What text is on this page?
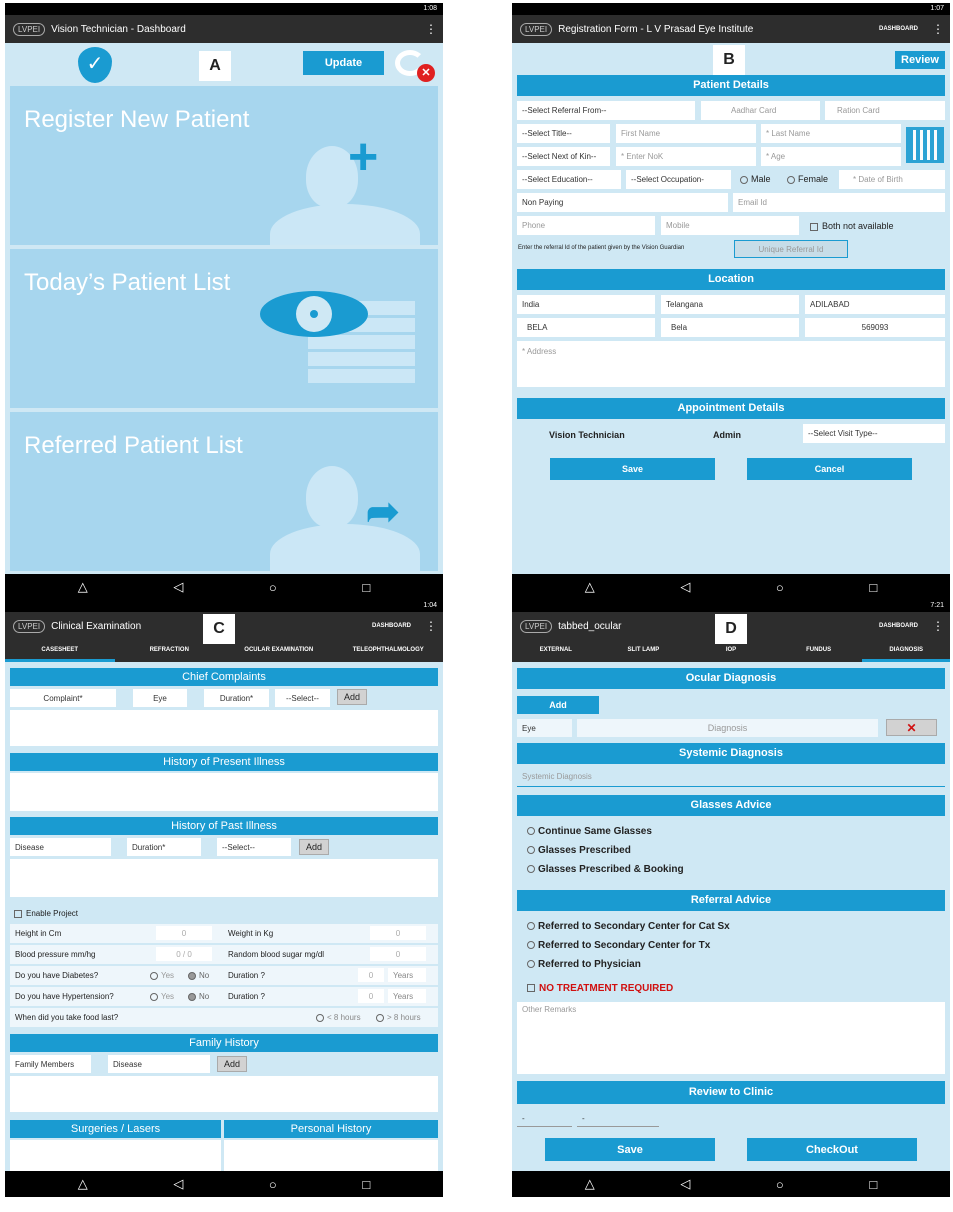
1:08
LVPEI	Vision Technician - Dashboard	⋮
✓	Update
✕
Register New Patient
+
Today’s Patient List
Referred Patient List
➦
△	◁	○	□
A
1:07
LVPEI	Registration Form - L V Prasad Eye Institute	DASHBOARD ⋮
Review
Patient Details
--Select Referral From--	Aadhar Card	Ration Card
--Select Title--	First Name	* Last Name
--Select Next of Kin--	* Enter NoK	* Age
--Select Education--	--Select Occupation-	Male	Female	* Date of Birth
Non Paying	Email Id
Phone	Mobile	Both not available
Enter the referral Id of the patient given by the Vision Guardian	Unique Referral Id
Location
India	Telangana	ADILABAD
BELA	Bela	569093
* Address
Appointment Details
Vision Technician	Admin	--Select Visit Type--
Save	Cancel
△	◁	○	□
B
1:04
LVPEI	Clinical Examination	DASHBOARD ⋮
CASESHEET	REFRACTION	OCULAR EXAMINATION	TELEOPHTHALMOLOGY
Chief Complaints
Complaint*	Eye	Duration*	--Select--	Add
History of Present Illness
History of Past Illness
Disease	Duration*	--Select--	Add
Enable Project
Height in Cm	0	Weight in Kg	0
Blood pressure mm/hg	0 / 0	Random blood sugar mg/dl	0
Do you have Diabetes?	Yes	No Duration ?	0	Years
Do you have Hypertension?	Yes	No Duration ?	0	Years
When did you take food last?	< 8 hours	> 8 hours
Family History
Family Members	Disease	Add
Surgeries / Lasers	Personal History
△	◁	○	□
C
7:21
LVPEI	tabbed_ocular	DASHBOARD ⋮
EXTERNAL	SLIT LAMP	IOP	FUNDUS	DIAGNOSIS
Ocular Diagnosis
Add
Eye	Diagnosis	✕
Systemic Diagnosis
Systemic Diagnosis
Glasses Advice
Continue Same Glasses
Glasses Prescribed
Glasses Prescribed & Booking
Referral Advice
Referred to Secondary Center for Cat Sx
Referred to Secondary Center for Tx
Referred to Physician
NO TREATMENT REQUIRED
Other Remarks
Review to Clinic
-	-
Save	CheckOut
△	◁	○	□
D
